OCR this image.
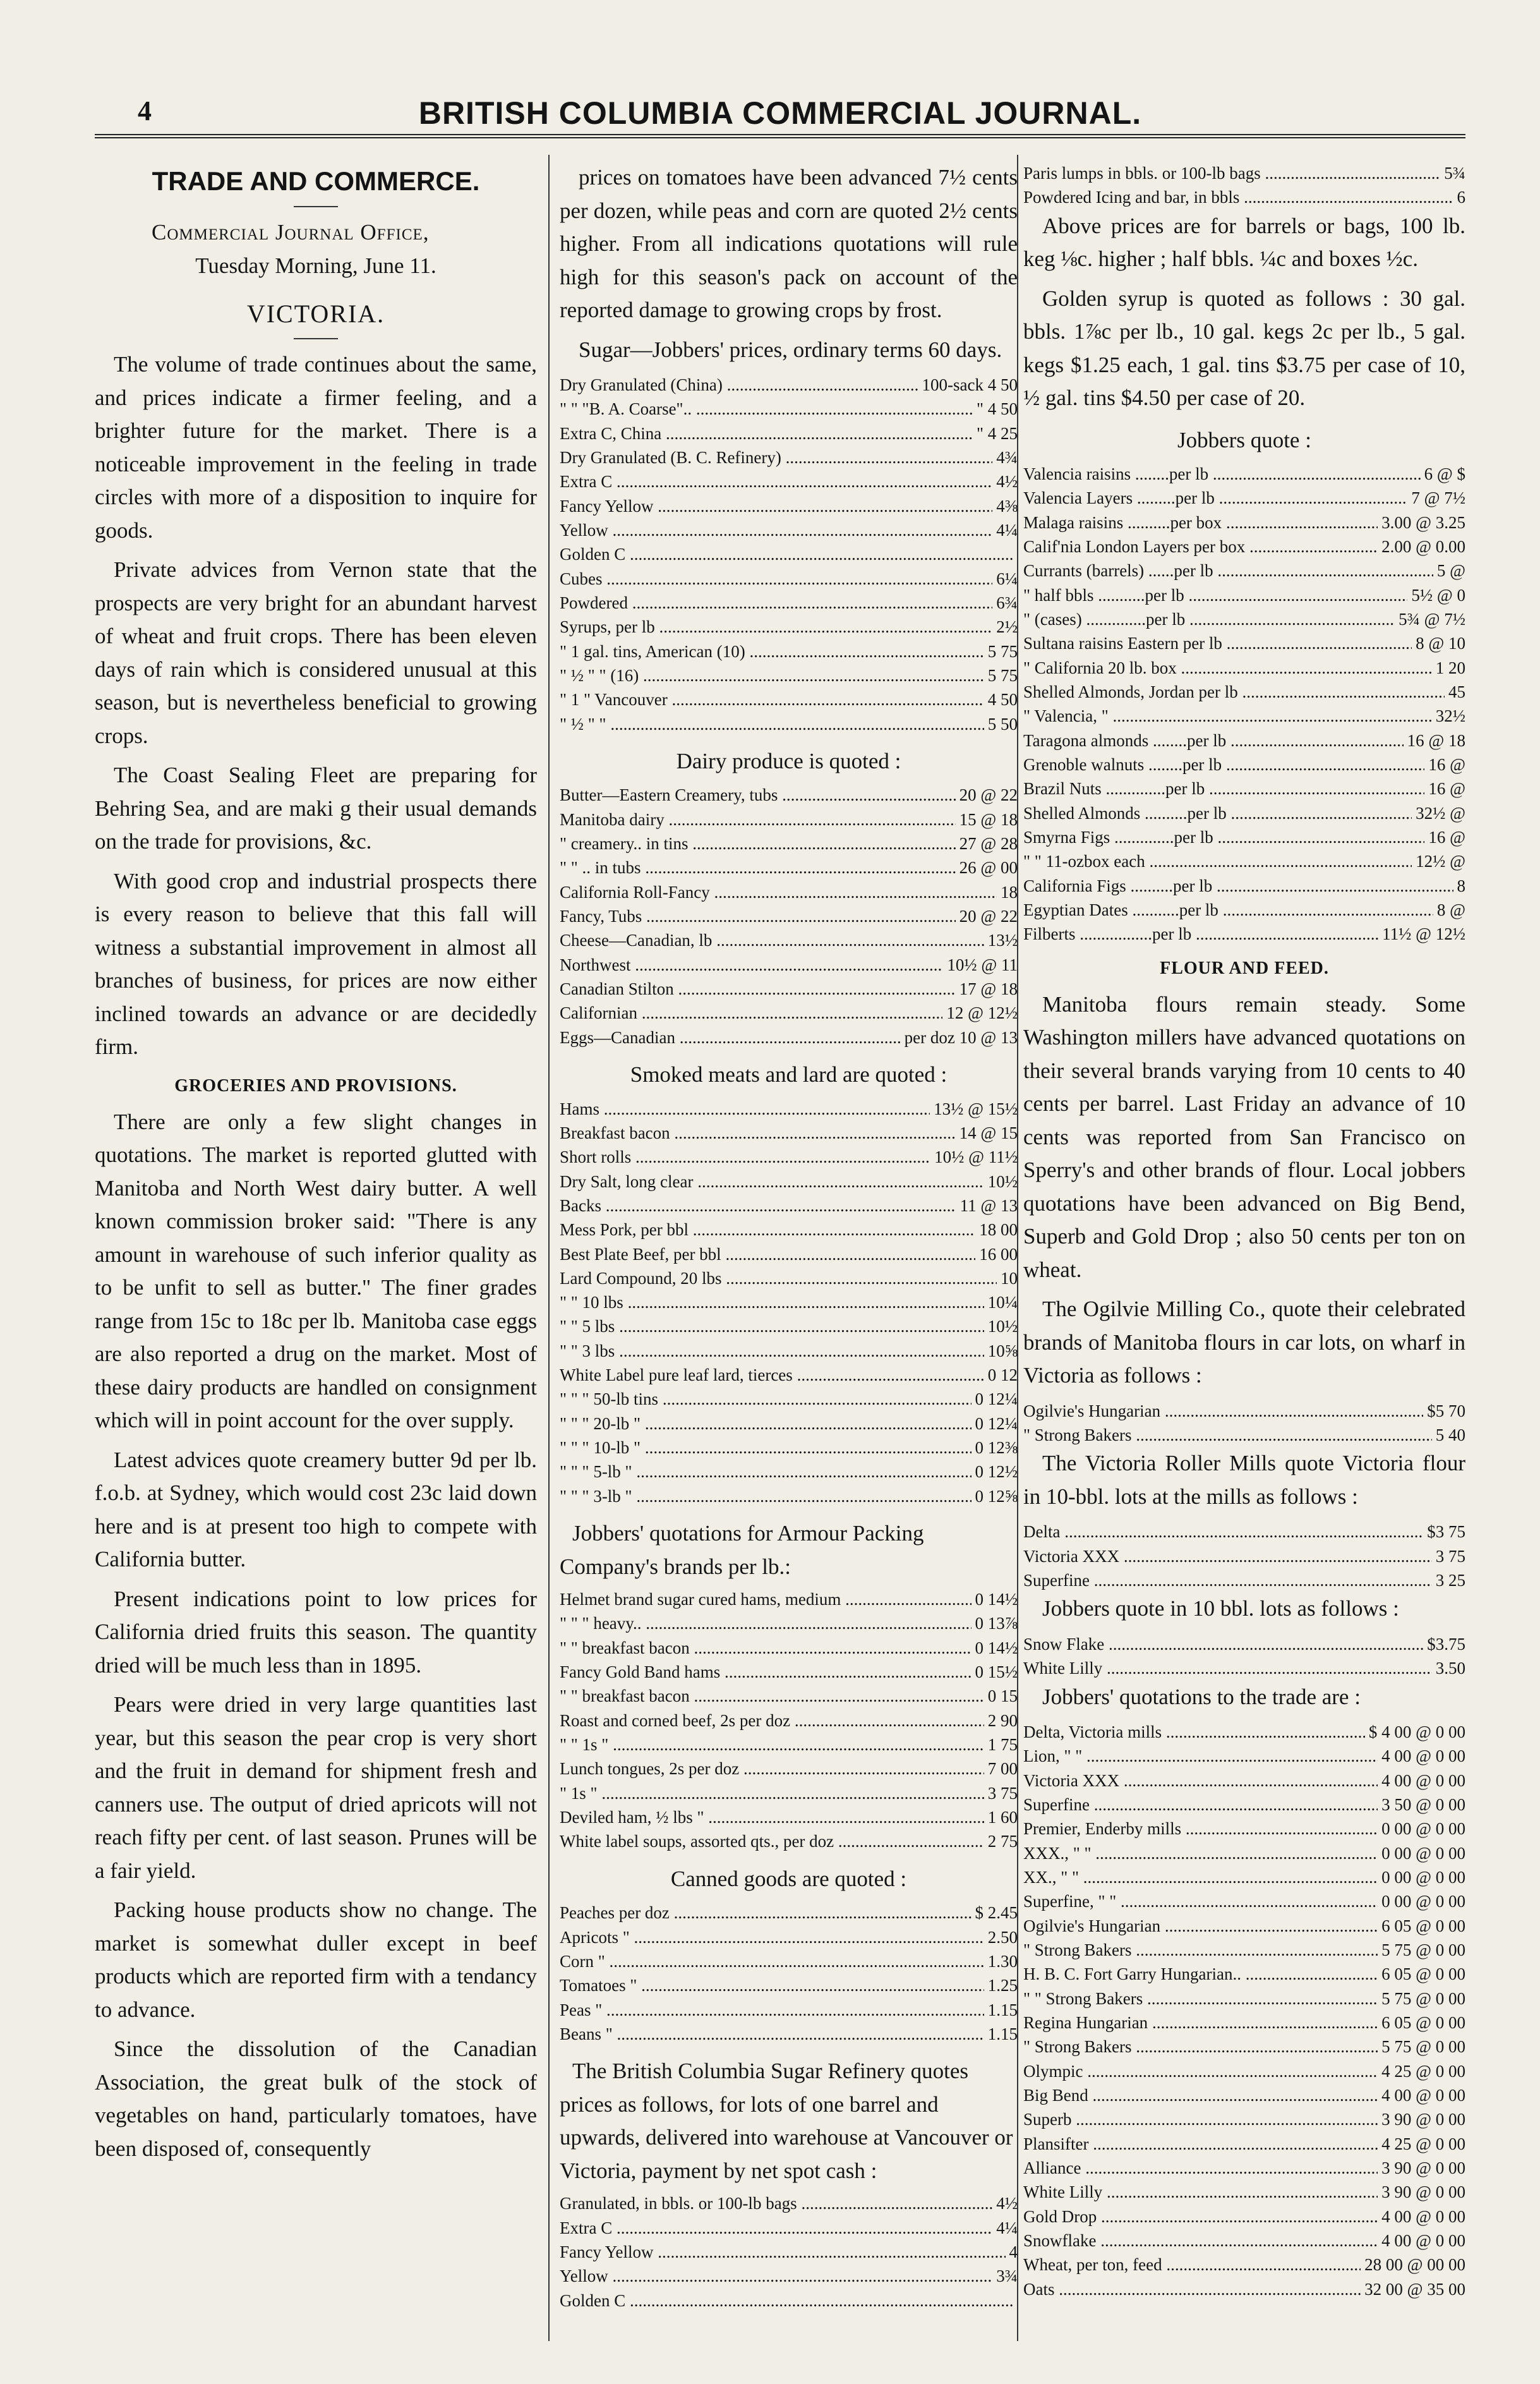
4	BRITISH COLUMBIA COMMERCIAL JOURNAL.
TRADE AND COMMERCE.
Commercial Journal Office,
Tuesday Morning, June 11.
VICTORIA.

The volume of trade continues about the same, and prices indicate a firmer feeling, and a brighter future for the market. There is a noticeable improvement in the feeling in trade circles with more of a disposition to inquire for goods.

Private advices from Vernon state that the prospects are very bright for an abundant harvest of wheat and fruit crops. There has been eleven days of rain which is considered unusual at this season, but is nevertheless beneficial to growing crops.

The Coast Sealing Fleet are preparing for Behring Sea, and are maki g their usual demands on the trade for provisions, &c.

With good crop and industrial prospects there is every reason to believe that this fall will witness a substantial improvement in almost all branches of business, for prices are now either inclined towards an advance or are decidedly firm.

GROCERIES AND PROVISIONS.

There are only a few slight changes in quotations. The market is reported glutted with Manitoba and North West dairy butter. A well known commission broker said: "There is any amount in warehouse of such inferior quality as to be unfit to sell as butter." The finer grades range from 15c to 18c per lb. Manitoba case eggs are also reported a drug on the market. Most of these dairy products are handled on consignment which will in point account for the over supply.

Latest advices quote creamery butter 9d per lb. f.o.b. at Sydney, which would cost 23c laid down here and is at present too high to compete with California butter.

Present indications point to low prices for California dried fruits this season. The quantity dried will be much less than in 1895.

Pears were dried in very large quantities last year, but this season the pear crop is very short and the fruit in demand for shipment fresh and canners use. The output of dried apricots will not reach fifty per cent. of last season. Prunes will be a fair yield.

Packing house products show no change. The market is somewhat duller except in beef products which are reported firm with a tendancy to advance.

Since the dissolution of the Canadian Association, the great bulk of the stock of vegetables on hand, particularly tomatoes, have been disposed of, consequently

prices on tomatoes have been advanced 7½ cents per dozen, while peas and corn are quoted 2½ cents higher. From all indications quotations will rule high for this season's pack on account of the reported damage to growing crops by frost.

Sugar—Jobbers' prices, ordinary terms 60 days.

Dry Granulated (China) .....	100-sack 4 50
" " "B. A. Coarse".. .....	" 4 50
Extra C, China .....	" 4 25
Dry Granulated (B. C. Refinery) .....	4¾
Extra C .....	4½
Fancy Yellow .....	4⅜
Yellow .....	4¼
Golden C .....
Cubes .....	6¼
Powdered .....	6¾
Syrups, per lb .....	2½
" 1 gal. tins, American (10) .....	5 75
" ½ " " (16) .....	5 75
" 1 " Vancouver .....	4 50
" ½ " " .....	5 50
Dairy produce is quoted :
Butter—Eastern Creamery, tubs .....	20 @ 22
Manitoba dairy .....	15 @ 18
" creamery.. in tins .....	27 @ 28
" " .. in tubs .....	26 @ 00
California Roll-Fancy .....	18
Fancy, Tubs .....	20 @ 22
Cheese—Canadian, lb .....	13½
Northwest .....	10½ @ 11
Canadian Stilton .....	17 @ 18
Californian .....	12 @ 12½
Eggs—Canadian .....	per doz 10 @ 13
Smoked meats and lard are quoted :
Hams .....	13½ @ 15½
Breakfast bacon .....	14 @ 15
Short rolls .....	10½ @ 11½
Dry Salt, long clear .....	10½
Backs .....	11 @ 13
Mess Pork, per bbl .....	18 00
Best Plate Beef, per bbl .....	16 00
Lard Compound, 20 lbs .....	10
" " 10 lbs .....	10¼
" " 5 lbs .....	10½
" " 3 lbs .....	10⅝
White Label pure leaf lard, tierces .....	0 12
" " " 50-lb tins .....	0 12¼
" " " 20-lb " .....	0 12¼
" " " 10-lb " .....	0 12⅜
" " " 5-lb " .....	0 12½
" " " 3-lb " .....	0 12⅝

Jobbers' quotations for Armour Packing Company's brands per lb.:

Helmet brand sugar cured hams, medium .....	0 14½
" " " heavy.. .....	0 13⅞
" " breakfast bacon .....	0 14½
Fancy Gold Band hams .....	0 15½
" " breakfast bacon .....	0 15
Roast and corned beef, 2s per doz .....	2 90
" " 1s " .....	1 75
Lunch tongues, 2s per doz .....	7 00
" 1s " .....	3 75
Deviled ham, ½ lbs " .....	1 60
White label soups, assorted qts., per doz .....	2 75
Canned goods are quoted :
Peaches per doz .....	$ 2.45
Apricots " .....	2.50
Corn " .....	1.30
Tomatoes " .....	1.25
Peas " .....	1.15
Beans " .....	1.15

The British Columbia Sugar Refinery quotes prices as follows, for lots of one barrel and upwards, delivered into warehouse at Vancouver or Victoria, payment by net spot cash :

Granulated, in bbls. or 100-lb bags .....	4½
Extra C .....	4¼
Fancy Yellow .....	4
Yellow .....	3¾
Golden C .....
Paris lumps in bbls. or 100-lb bags .....	5¾
Powdered Icing and bar, in bbls .....	6

Above prices are for barrels or bags, 100 lb. keg ⅛c. higher ; half bbls. ¼c and boxes ½c.

Golden syrup is quoted as follows : 30 gal. bbls. 1⅞c per lb., 10 gal. kegs 2c per lb., 5 gal. kegs $1.25 each, 1 gal. tins $3.75 per case of 10, ½ gal. tins $4.50 per case of 20.

Jobbers quote :
Valencia raisins ........per lb .....	6 @ $
Valencia Layers .........per lb .....	7 @ 7½
Malaga raisins ..........per box .....	3.00 @ 3.25
Calif'nia London Layers per box .....	2.00 @ 0.00
Currants (barrels) ......per lb .....	5 @
" half bbls ...........per lb .....	5½ @ 0
" (cases) ..............per lb .....	5¾ @ 7½
Sultana raisins Eastern per lb .....	8 @ 10
" California 20 lb. box .....	1 20
Shelled Almonds, Jordan per lb .....	45
" Valencia, " .....	32½
Taragona almonds ........per lb .....	16 @ 18
Grenoble walnuts ........per lb .....	16 @
Brazil Nuts ..............per lb .....	16 @
Shelled Almonds ..........per lb .....	32½ @
Smyrna Figs ..............per lb .....	16 @
" " 11-ozbox each .....	12½ @
California Figs ..........per lb .....	8
Egyptian Dates ...........per lb .....	8 @
Filberts .................per lb .....	11½ @ 12½
FLOUR AND FEED.

Manitoba flours remain steady. Some Washington millers have advanced quotations on their several brands varying from 10 cents to 40 cents per barrel. Last Friday an advance of 10 cents was reported from San Francisco on Sperry's and other brands of flour. Local jobbers quotations have been advanced on Big Bend, Superb and Gold Drop ; also 50 cents per ton on wheat.

The Ogilvie Milling Co., quote their celebrated brands of Manitoba flours in car lots, on wharf in Victoria as follows :

Ogilvie's Hungarian .....	$5 70
" Strong Bakers .....	5 40

The Victoria Roller Mills quote Victoria flour in 10-bbl. lots at the mills as follows :

Delta .....	$3 75
Victoria XXX .....	3 75
Superfine .....	3 25

Jobbers quote in 10 bbl. lots as follows :

Snow Flake .....	$3.75
White Lilly .....	3.50

Jobbers' quotations to the trade are :

Delta, Victoria mills .....	$ 4 00 @ 0 00
Lion, " " .....	4 00 @ 0 00
Victoria XXX .....	4 00 @ 0 00
Superfine .....	3 50 @ 0 00
Premier, Enderby mills .....	0 00 @ 0 00
XXX., " " .....	0 00 @ 0 00
XX., " " .....	0 00 @ 0 00
Superfine, " " .....	0 00 @ 0 00
Ogilvie's Hungarian .....	6 05 @ 0 00
" Strong Bakers .....	5 75 @ 0 00
H. B. C. Fort Garry Hungarian.. .....	6 05 @ 0 00
" " Strong Bakers .....	5 75 @ 0 00
Regina Hungarian .....	6 05 @ 0 00
" Strong Bakers .....	5 75 @ 0 00
Olympic .....	4 25 @ 0 00
Big Bend .....	4 00 @ 0 00
Superb .....	3 90 @ 0 00
Plansifter .....	4 25 @ 0 00
Alliance .....	3 90 @ 0 00
White Lilly .....	3 90 @ 0 00
Gold Drop .....	4 00 @ 0 00
Snowflake .....	4 00 @ 0 00
Wheat, per ton, feed .....	28 00 @ 00 00
Oats .....	32 00 @ 35 00
